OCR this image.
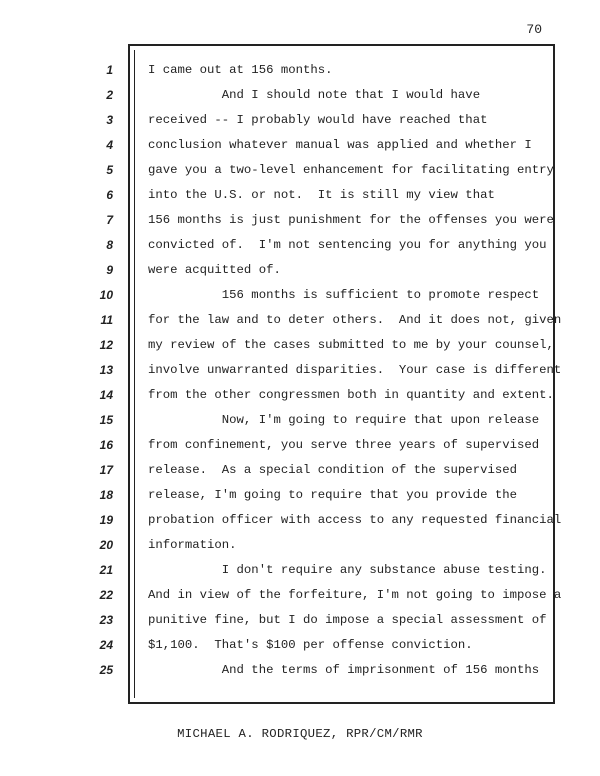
70
1
2
3
4
5
6
7
8
9
10
11
12
13
14
15
16
17
18
19
20
21
22
23
24
25
I came out at 156 months.
And I should note that I would have
received -- I probably would have reached that
conclusion whatever manual was applied and whether I
gave you a two-level enhancement for facilitating entry
into the U.S. or not.  It is still my view that
156 months is just punishment for the offenses you were
convicted of.  I'm not sentencing you for anything you
were acquitted of.
156 months is sufficient to promote respect
for the law and to deter others.  And it does not, given
my review of the cases submitted to me by your counsel,
involve unwarranted disparities.  Your case is different
from the other congressmen both in quantity and extent.
Now, I'm going to require that upon release
from confinement, you serve three years of supervised
release.  As a special condition of the supervised
release, I'm going to require that you provide the
probation officer with access to any requested financial
information.
I don't require any substance abuse testing.
And in view of the forfeiture, I'm not going to impose a
punitive fine, but I do impose a special assessment of
$1,100.  That's $100 per offense conviction.
And the terms of imprisonment of 156 months
MICHAEL A. RODRIQUEZ, RPR/CM/RMR
